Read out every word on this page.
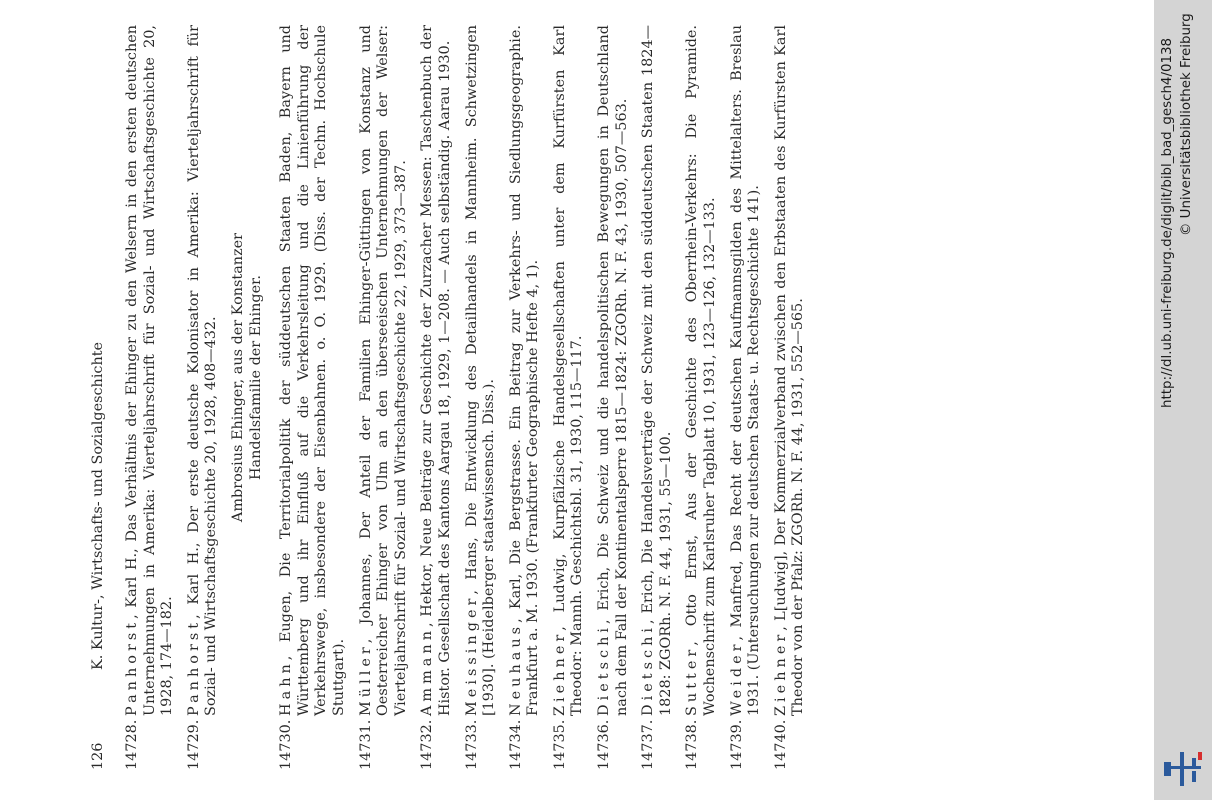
126
K. Kultur-, Wirtschafts- und Sozialgeschichte
14728.
Panhorst, Karl H., Das Verhältnis der Ehinger zu den Welsern in den ersten deutschen Unternehmungen in Amerika: Vierteljahrschrift für Sozial- und Wirtschaftsgeschichte 20, 1928, 174—182.
14729.
Panhorst, Karl H., Der erste deutsche Kolonisator in Amerika: Vierteljahrschrift für Sozial- und Wirtschaftsgeschichte 20, 1928, 408—432. Ambrosius Ehinger, aus der Konstanzer Handelsfamilie der Ehinger.
14730.
Hahn, Eugen, Die Territorialpolitik der süddeutschen Staaten Baden, Bayern und Württemberg und ihr Einfluß auf die Verkehrsleitung und die Linienführung der Verkehrswege, insbesondere der Eisenbahnen. o. O. 1929. (Diss. der Techn. Hochschule Stuttgart).
14731.
Müller, Johannes, Der Anteil der Familien Ehinger-Güttingen von Konstanz und Oesterreicher Ehinger von Ulm an den überseeischen Unternehmungen der Welser: Vierteljahrschrift für Sozial- und Wirtschaftsgeschichte 22, 1929, 373—387.
14732.
Ammann, Hektor, Neue Beiträge zur Geschichte der Zurzacher Messen: Taschenbuch der Histor. Gesellschaft des Kantons Aargau 18, 1929, 1—208. — Auch selbständig. Aarau 1930.
14733.
Meissinger, Hans, Die Entwicklung des Detailhandels in Mannheim. Schwetzingen [1930]. (Heidelberger staatswissensch. Diss.).
14734.
Neuhaus, Karl, Die Bergstrasse. Ein Beitrag zur Verkehrs- und Siedlungsgeographie. Frankfurt a. M. 1930. (Frankfurter Geographische Hefte 4, 1).
14735.
Ziehner, Ludwig, Kurpfälzische Handelsgesellschaften unter dem Kurfürsten Karl Theodor: Mannh. Geschichtsbl. 31, 1930, 115—117.
14736.
Dietschi, Erich, Die Schweiz und die handelspolitischen Bewegungen in Deutschland nach dem Fall der Kontinentalsperre 1815—1824: ZGORh. N. F. 43, 1930, 507—563.
14737.
Dietschi, Erich, Die Handelsverträge der Schweiz mit den süddeutschen Staaten 1824—1828: ZGORh. N. F. 44, 1931, 55—100.
14738.
Sutter, Otto Ernst, Aus der Geschichte des Oberrhein-Verkehrs: Die Pyramide. Wochenschrift zum Karlsruher Tagblatt 10, 1931, 123—126, 132—133.
14739.
Weider, Manfred, Das Recht der deutschen Kaufmannsgilden des Mittelalters. Breslau 1931. (Untersuchungen zur deutschen Staats- u. Rechtsgeschichte 141).
14740.
Ziehner, L[udwig], Der Kommerzialverband zwischen den Erbstaaten des Kurfürsten Karl Theodor von der Pfalz: ZGORh. N. F. 44, 1931, 552—565.
http://dl.ub.uni-freiburg.de/diglit/bibl_bad_gesch4/0138 © Universitätsbibliothek Freiburg
